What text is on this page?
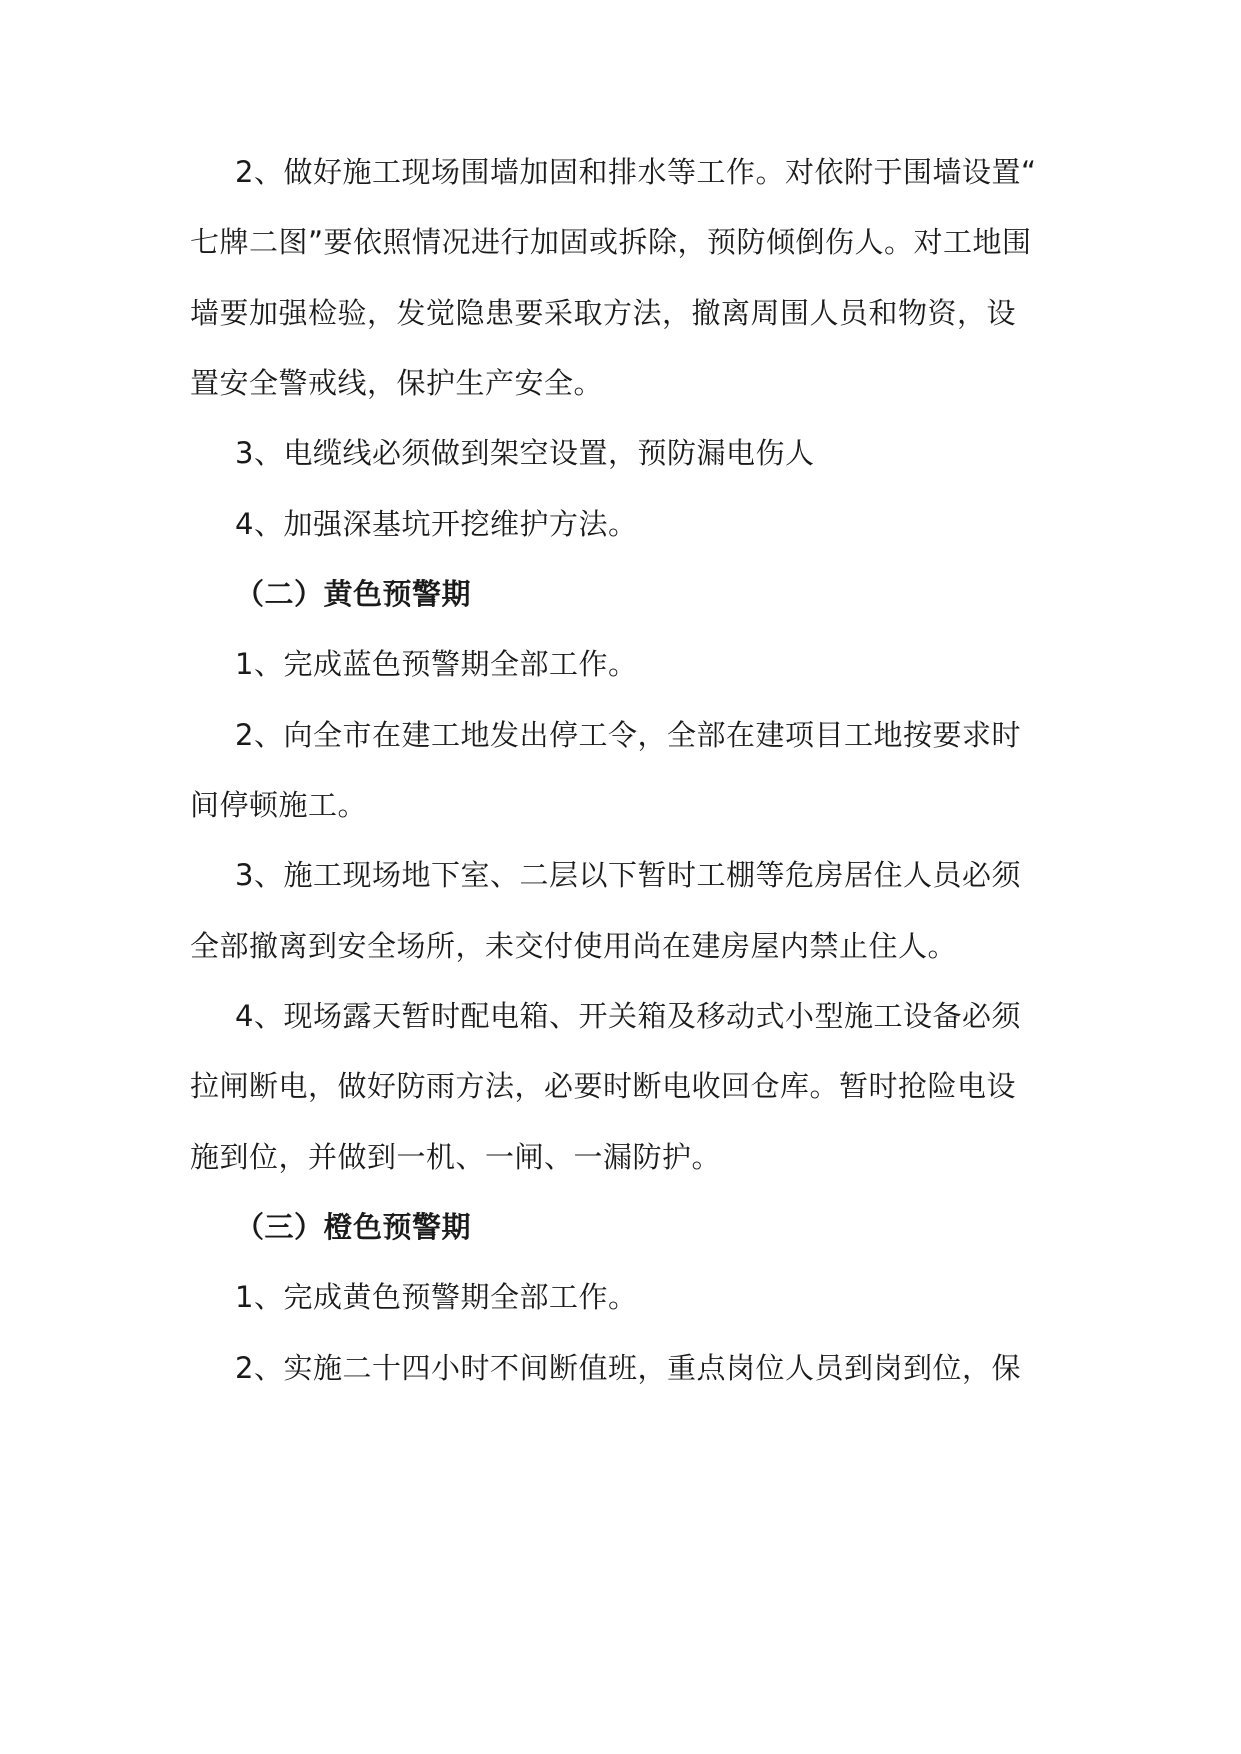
2、做好施工现场围墙加固和排水等工作。对依附于围墙设置“
七牌二图”要依照情况进行加固或拆除，预防倾倒伤人。对工地围
墙要加强检验，发觉隐患要采取方法，撤离周围人员和物资，设
置安全警戒线，保护生产安全。
3、电缆线必须做到架空设置，预防漏电伤人
4、加强深基坑开挖维护方法。
（二）黄色预警期
1、完成蓝色预警期全部工作。
2、向全市在建工地发出停工令，全部在建项目工地按要求时
间停顿施工。
3、施工现场地下室、二层以下暂时工棚等危房居住人员必须
全部撤离到安全场所，未交付使用尚在建房屋内禁止住人。
4、现场露天暂时配电箱、开关箱及移动式小型施工设备必须
拉闸断电，做好防雨方法，必要时断电收回仓库。暂时抢险电设
施到位，并做到一机、一闸、一漏防护。
（三）橙色预警期
1、完成黄色预警期全部工作。
2、实施二十四小时不间断值班，重点岗位人员到岗到位，保
